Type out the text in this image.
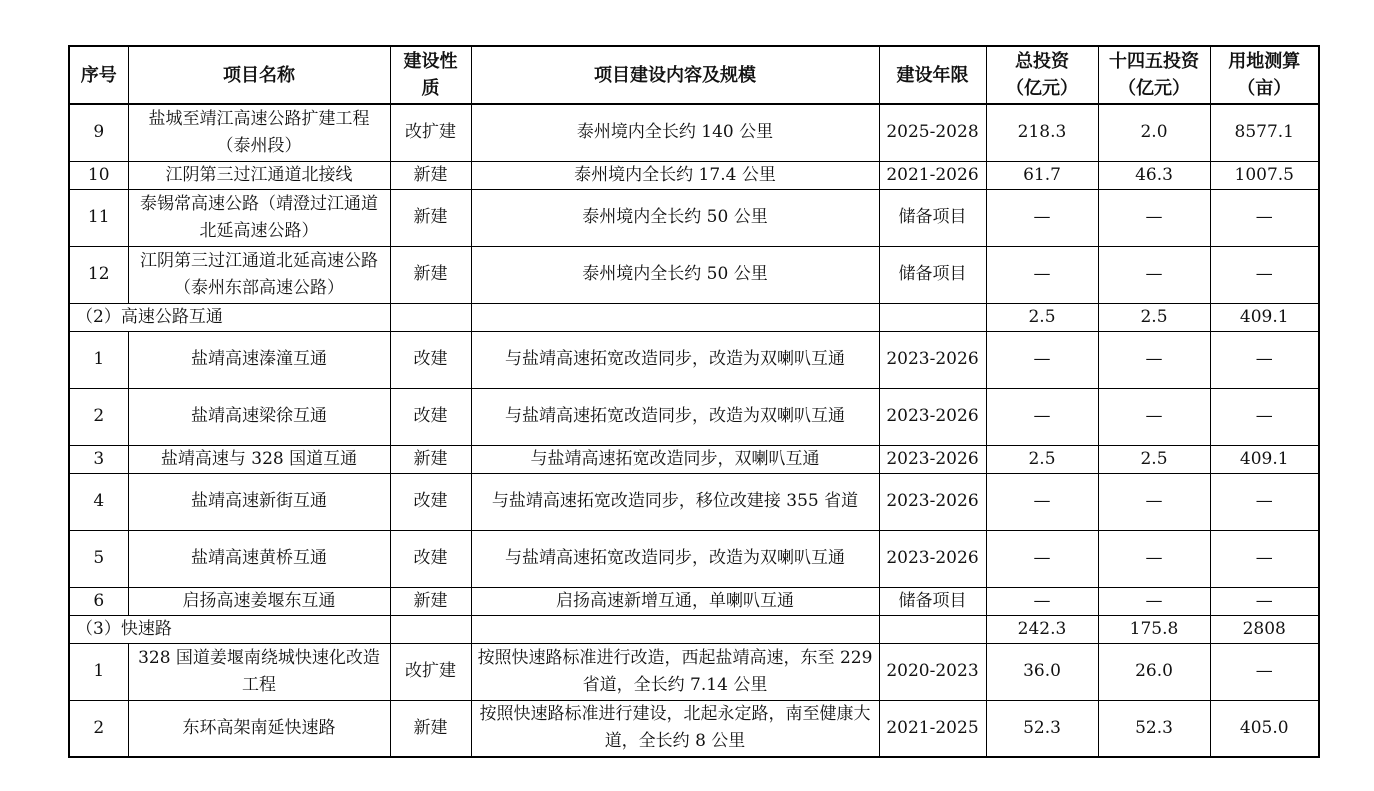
序号	项目名称	建设性质	项目建设内容及规模	建设年限	总投资（亿元）	十四五投资（亿元）	用地测算（亩）
9	盐城至靖江高速公路扩建工程（泰州段）	改扩建	泰州境内全长约 140 公里	2025-2028	218.3	2.0	8577.1
10	江阴第三过江通道北接线	新建	泰州境内全长约 17.4 公里	2021-2026	61.7	46.3	1007.5
11	泰锡常高速公路（靖澄过江通道北延高速公路）	新建	泰州境内全长约 50 公里	储备项目	—	—	—
12	江阴第三过江通道北延高速公路（泰州东部高速公路）	新建	泰州境内全长约 50 公里	储备项目	—	—	—
（2）高速公路互通					2.5	2.5	409.1
1	盐靖高速溱潼互通	改建	与盐靖高速拓宽改造同步，改造为双喇叭互通	2023-2026	—	—	—
2	盐靖高速梁徐互通	改建	与盐靖高速拓宽改造同步，改造为双喇叭互通	2023-2026	—	—	—
3	盐靖高速与 328 国道互通	新建	与盐靖高速拓宽改造同步，双喇叭互通	2023-2026	2.5	2.5	409.1
4	盐靖高速新街互通	改建	与盐靖高速拓宽改造同步，移位改建接 355 省道	2023-2026	—	—	—
5	盐靖高速黄桥互通	改建	与盐靖高速拓宽改造同步，改造为双喇叭互通	2023-2026	—	—	—
6	启扬高速姜堰东互通	新建	启扬高速新增互通，单喇叭互通	储备项目	—	—	—
（3）快速路					242.3	175.8	2808
1	328 国道姜堰南绕城快速化改造工程	改扩建	按照快速路标准进行改造，西起盐靖高速，东至 229 省道，全长约 7.14 公里	2020-2023	36.0	26.0	—
2	东环高架南延快速路	新建	按照快速路标准进行建设，北起永定路，南至健康大道，全长约 8 公里	2021-2025	52.3	52.3	405.0
